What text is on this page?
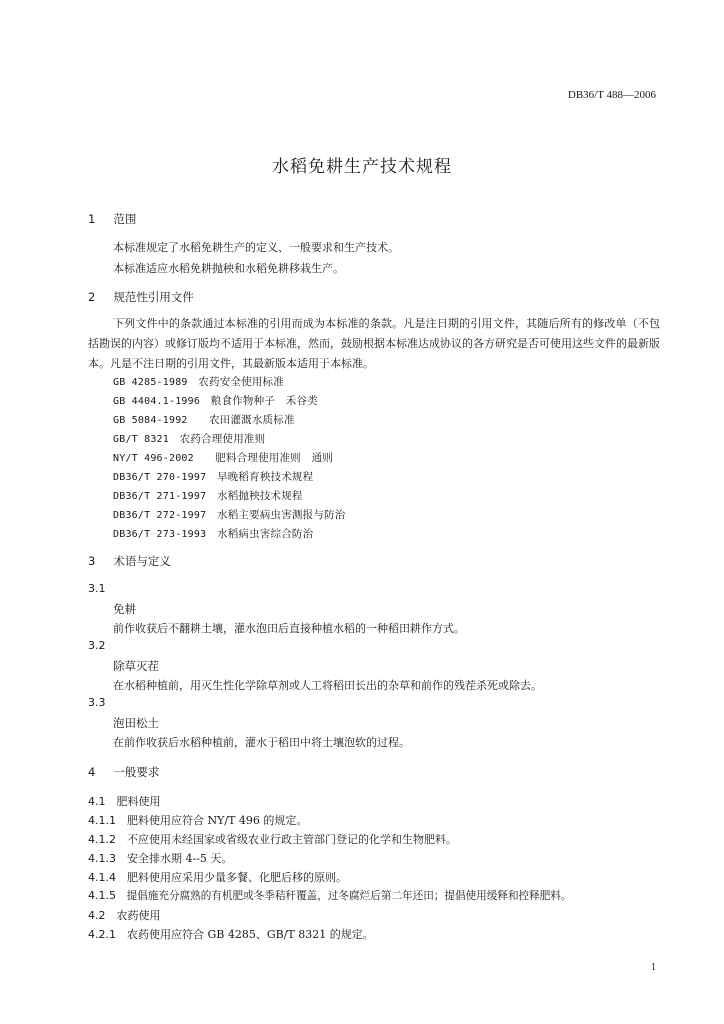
DB36/T 488—2006
水稻免耕生产技术规程
1 范围
本标准规定了水稻免耕生产的定义、一般要求和生产技术。
本标准适应水稻免耕抛秧和水稻免耕移栽生产。
2 规范性引用文件
下列文件中的条款通过本标准的引用而成为本标准的条款。凡是注日期的引用文件，其随后所有的修改单（不包括勘误的内容）或修订版均不适用于本标准，然而，鼓励根据本标准达成协议的各方研究是否可使用这些文件的最新版本。凡是不注日期的引用文件，其最新版本适用于本标准。
GB 4285-1989　 农药安全使用标准
GB 4404.1-1996　 粮食作物种子　禾谷类
GB 5084-1992　　 农田灌溉水质标准
GB/T 8321　 农药合理使用准则
NY/T 496-2002　　 肥料合理使用准则　通则
DB36/T 270-1997　 早晚稻育秧技术规程
DB36/T 271-1997　 水稻抛秧技术规程
DB36/T 272-1997　 水稻主要病虫害测报与防治
DB36/T 273-1993　 水稻病虫害综合防治
3 术语与定义
3.1
免耕
前作收获后不翻耕土壤，灌水泡田后直接种植水稻的一种稻田耕作方式。
3.2
除草灭茬
在水稻种植前，用灭生性化学除草剂或人工将稻田长出的杂草和前作的残茬杀死或除去。
3.3
泡田松土
在前作收获后水稻种植前，灌水于稻田中将土壤泡软的过程。
4 一般要求
4.1　 肥料使用
4.1.1　 肥料使用应符合 NY/T 496 的规定。
4.1.2　 不应使用未经国家或省级农业行政主管部门登记的化学和生物肥料。
4.1.3　 安全排水期 4--5 天。
4.1.4　 肥料使用应采用少量多餐、化肥后移的原则。
4.1.5　 提倡施充分腐熟的有机肥或冬季秸秆覆盖，过冬腐烂后第二年还田；提倡使用缓释和控释肥料。
4.2　 农药使用
4.2.1　 农药使用应符合 GB 4285、GB/T 8321 的规定。
1
